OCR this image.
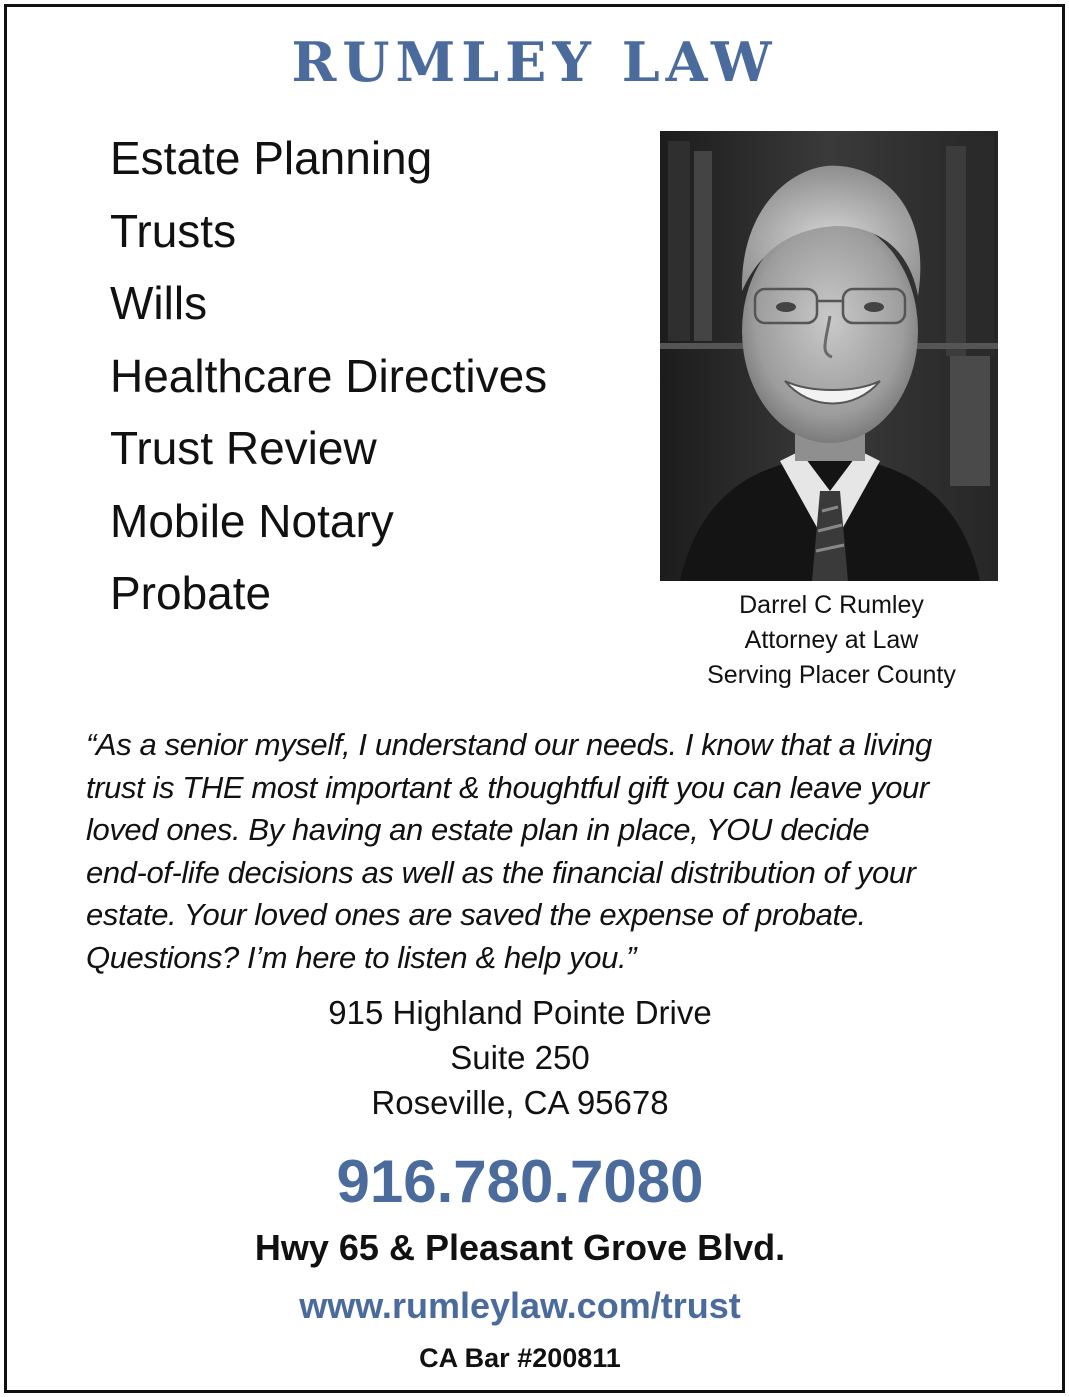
RUMLEY LAW
Estate Planning
Trusts
Wills
Healthcare Directives
Trust Review
Mobile Notary
Probate	Darrel C Rumley
Attorney at Law
Serving Placer County
“As a senior myself, I understand our needs. I know that a living
trust is THE most important & thoughtful gift you can leave your
loved ones. By having an estate plan in place, YOU decide
end-of-life decisions as well as the financial distribution of your
estate. Your loved ones are saved the expense of probate.
Questions? I’m here to listen & help you.”
915 Highland Pointe Drive
Suite 250
Roseville, CA 95678
916.780.7080
Hwy 65 & Pleasant Grove Blvd.
www.rumleylaw.com/trust
CA Bar #200811
